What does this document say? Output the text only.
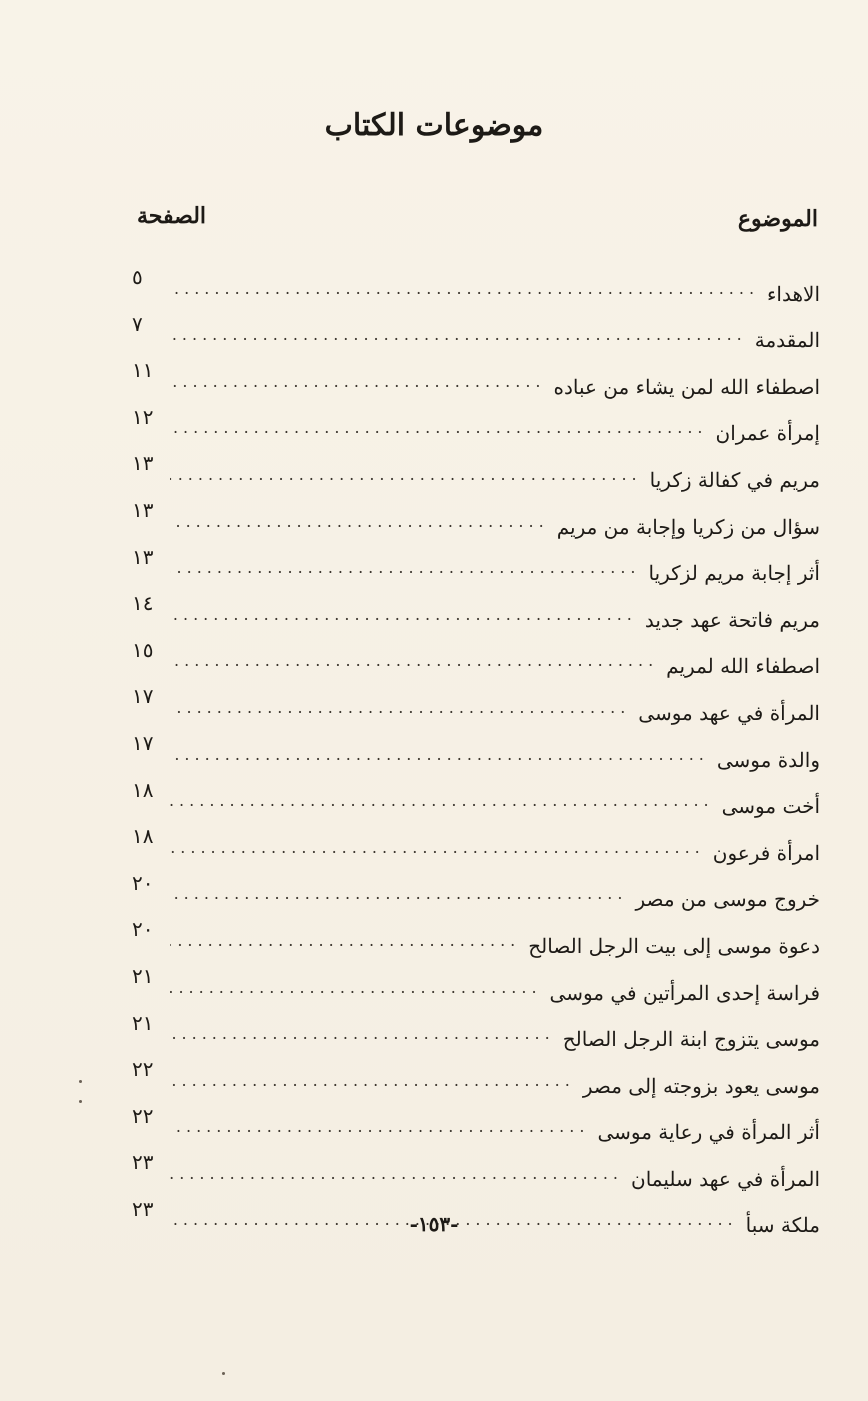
موضوعات الكتاب
الموضوع
الصفحة
الاهداء
.....
٥
المقدمة
.....
٧
اصطفاء الله لمن يشاء من عباده
.....
١١
إمرأة عمران
.....
١٢
مريم في كفالة زكريا
.....
١٣
سؤال من زكريا وإجابة من مريم
.....
١٣
أثر إجابة مريم لزكريا
.....
١٣
مريم فاتحة عهد جديد
.....
١٤
اصطفاء الله لمريم
.....
١٥
المرأة في عهد موسى
.....
١٧
والدة موسى
.....
١٧
أخت موسى
.....
١٨
امرأة فرعون
.....
١٨
خروج موسى من مصر
.....
٢٠
دعوة موسى إلى بيت الرجل الصالح
.....
٢٠
فراسة إحدى المرأتين في موسى
.....
٢١
موسى يتزوج ابنة الرجل الصالح
.....
٢١
موسى يعود بزوجته إلى مصر
.....
٢٢
أثر المرأة في رعاية موسى
.....
٢٢
المرأة في عهد سليمان
.....
٢٣
ملكة سبأ
.....
٢٣
-١٥٣-
